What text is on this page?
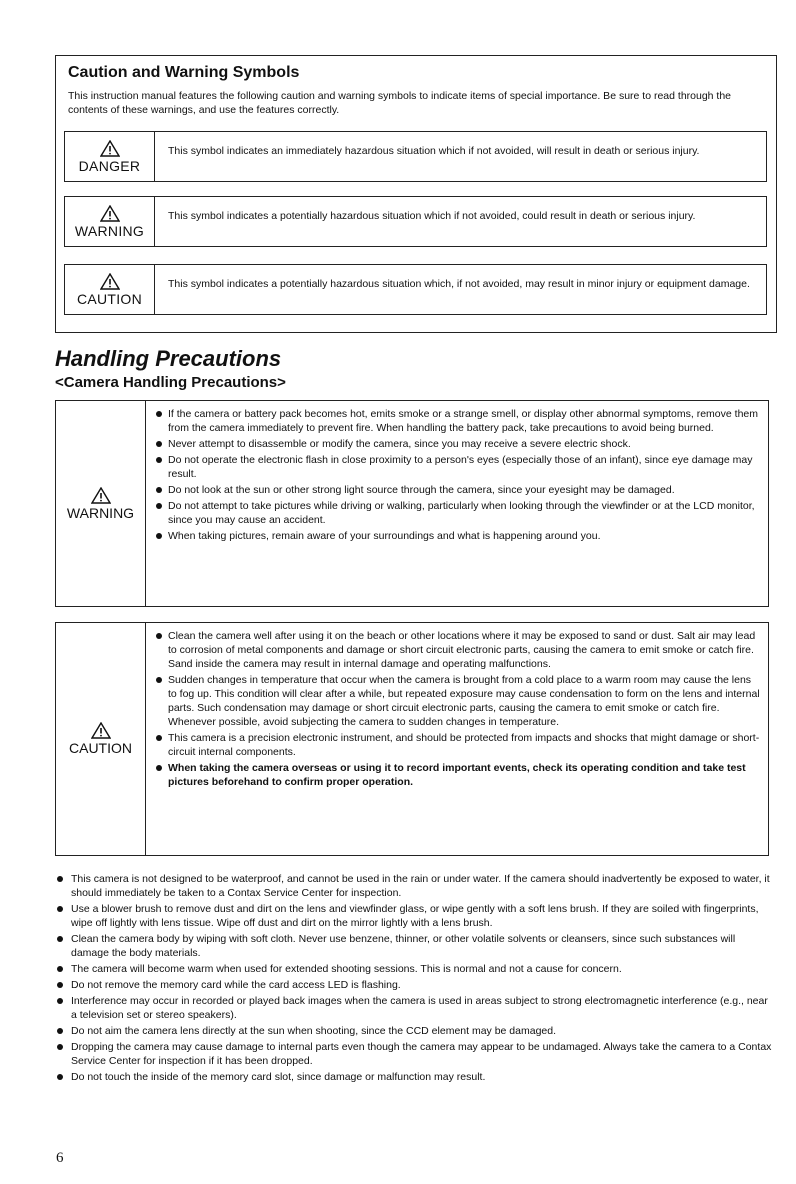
Caution and Warning Symbols

This instruction manual features the following caution and warning symbols to indicate items of special importance. Be sure to read through the contents of these warnings, and use the features correctly.

DANGER

This symbol indicates an immediately hazardous situation which if not avoided, will result in death or serious injury.

WARNING

This symbol indicates a potentially hazardous situation which if not avoided, could result in death or serious injury.

CAUTION

This symbol indicates a potentially hazardous situation which, if not avoided, may result in minor injury or equipment damage.

Handling Precautions
<Camera Handling Precautions>
WARNING
If the camera or battery pack becomes hot, emits smoke or a strange smell, or display other abnormal symptoms, remove them from the camera immediately to prevent fire. When handling the battery pack, take precautions to avoid being burned.
Never attempt to disassemble or modify the camera, since you may receive a severe electric shock.
Do not operate the electronic flash in close proximity to a person's eyes (especially those of an infant), since eye damage may result.
Do not look at the sun or other strong light source through the camera, since your eyesight may be damaged.
Do not attempt to take pictures while driving or walking, particularly when looking through the viewfinder or at the LCD monitor, since you may cause an accident.
When taking pictures, remain aware of your surroundings and what is happening around you.
CAUTION
Clean the camera well after using it on the beach or other locations where it may be exposed to sand or dust. Salt air may lead to corrosion of metal components and damage or short circuit electronic parts, causing the camera to emit smoke or catch fire. Sand inside the camera may result in internal damage and operating malfunctions.
Sudden changes in temperature that occur when the camera is brought from a cold place to a warm room may cause the lens to fog up. This condition will clear after a while, but repeated exposure may cause condensation to form on the lens and internal parts. Such condensation may damage or short circuit electronic parts, causing the camera to emit smoke or catch fire.
Whenever possible, avoid subjecting the camera to sudden changes in temperature.
This camera is a precision electronic instrument, and should be protected from impacts and shocks that might damage or short-circuit internal components.
When taking the camera overseas or using it to record important events, check its operating condition and take test pictures beforehand to confirm proper operation.
This camera is not designed to be waterproof, and cannot be used in the rain or under water. If the camera should inadvertently be exposed to water, it should immediately be taken to a Contax Service Center for inspection.
Use a blower brush to remove dust and dirt on the lens and viewfinder glass, or wipe gently with a soft lens brush. If they are soiled with fingerprints, wipe off lightly with lens tissue. Wipe off dust and dirt on the mirror lightly with a lens brush.
Clean the camera body by wiping with soft cloth. Never use benzene, thinner, or other volatile solvents or cleansers, since such substances will damage the body materials.
The camera will become warm when used for extended shooting sessions. This is normal and not a cause for concern.
Do not remove the memory card while the card access LED is flashing.
Interference may occur in recorded or played back images when the camera is used in areas subject to strong electromagnetic interference (e.g., near a television set or stereo speakers).
Do not aim the camera lens directly at the sun when shooting, since the CCD element may be damaged.
Dropping the camera may cause damage to internal parts even though the camera may appear to be undamaged. Always take the camera to a Contax Service Center for inspection if it has been dropped.
Do not touch the inside of the memory card slot, since damage or malfunction may result.

6
